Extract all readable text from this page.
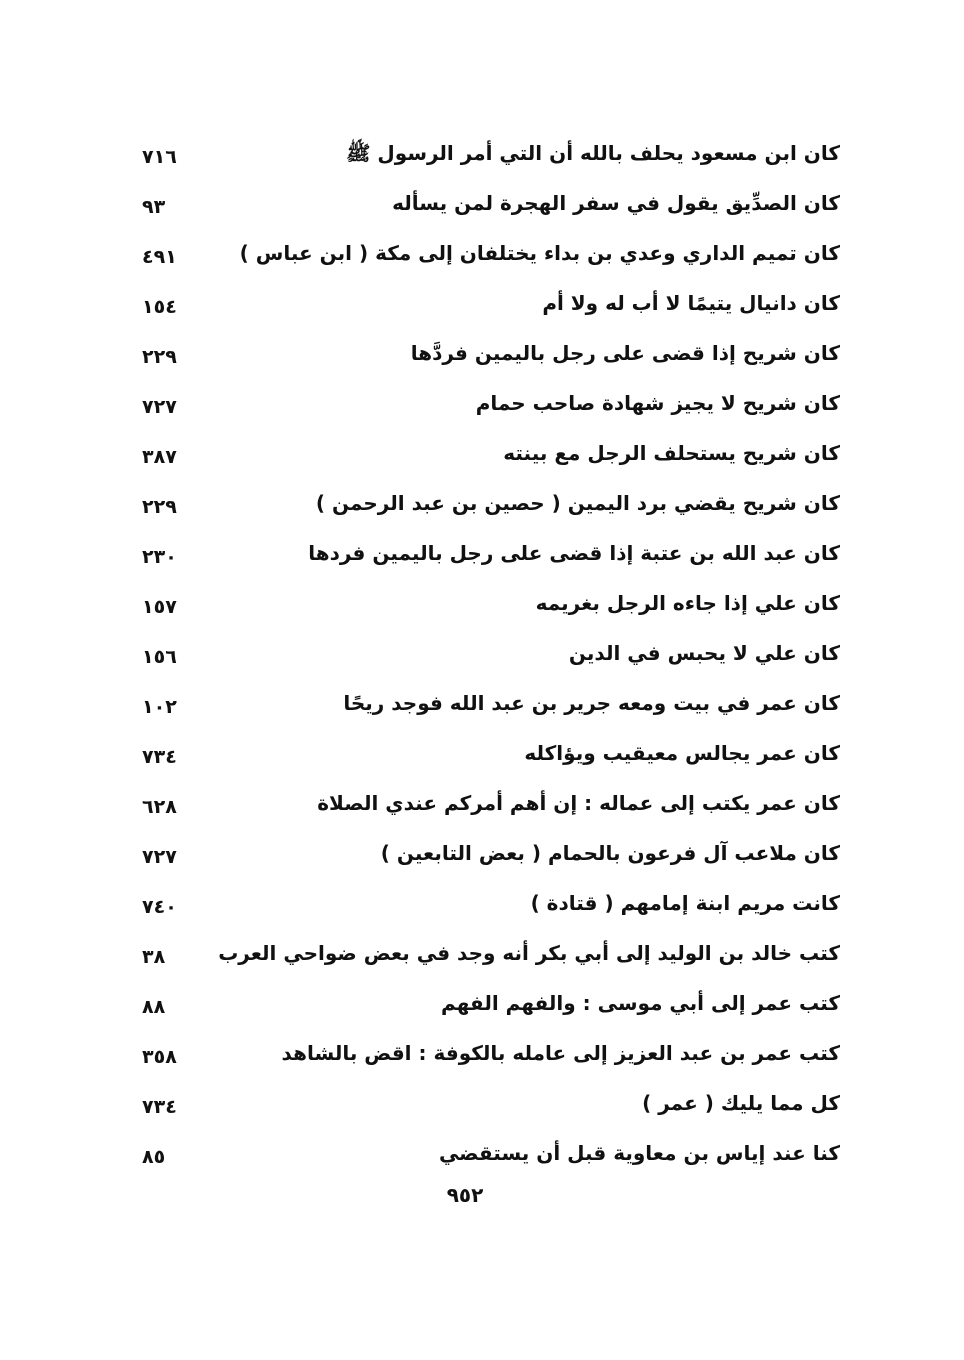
كان ابن مسعود يحلف بالله أن التي أمر الرسول ﷺ
٧١٦
كان الصدِّيق يقول في سفر الهجرة لمن يسأله
٩٣
كان تميم الداري وعدي بن بداء يختلفان إلى مكة ( ابن عباس )
٤٩١
كان دانيال يتيمًا لا أب له ولا أم
١٥٤
كان شريح إذا قضى على رجل باليمين فردَّها
٢٢٩
كان شريح لا يجيز شهادة صاحب حمام
٧٢٧
كان شريح يستحلف الرجل مع بينته
٣٨٧
كان شريح يقضي برد اليمين ( حصين بن عبد الرحمن )
٢٢٩
كان عبد الله بن عتبة إذا قضى على رجل باليمين فردها
٢٣٠
كان علي إذا جاءه الرجل بغريمه
١٥٧
كان علي لا يحبس في الدين
١٥٦
كان عمر في بيت ومعه جرير بن عبد الله فوجد ريحًا
١٠٢
كان عمر يجالس معيقيب ويؤاكله
٧٣٤
كان عمر يكتب إلى عماله : إن أهم أمركم عندي الصلاة
٦٢٨
كان ملاعب آل فرعون بالحمام ( بعض التابعين )
٧٢٧
كانت مريم ابنة إمامهم ( قتادة )
٧٤٠
كتب خالد بن الوليد إلى أبي بكر أنه وجد في بعض ضواحي العرب
٣٨
كتب عمر إلى أبي موسى : والفهم الفهم
٨٨
كتب عمر بن عبد العزيز إلى عامله بالكوفة : اقض بالشاهد
٣٥٨
كل مما يليك ( عمر )
٧٣٤
كنا عند إياس بن معاوية قبل أن يستقضي
٨٥
٩٥٢
